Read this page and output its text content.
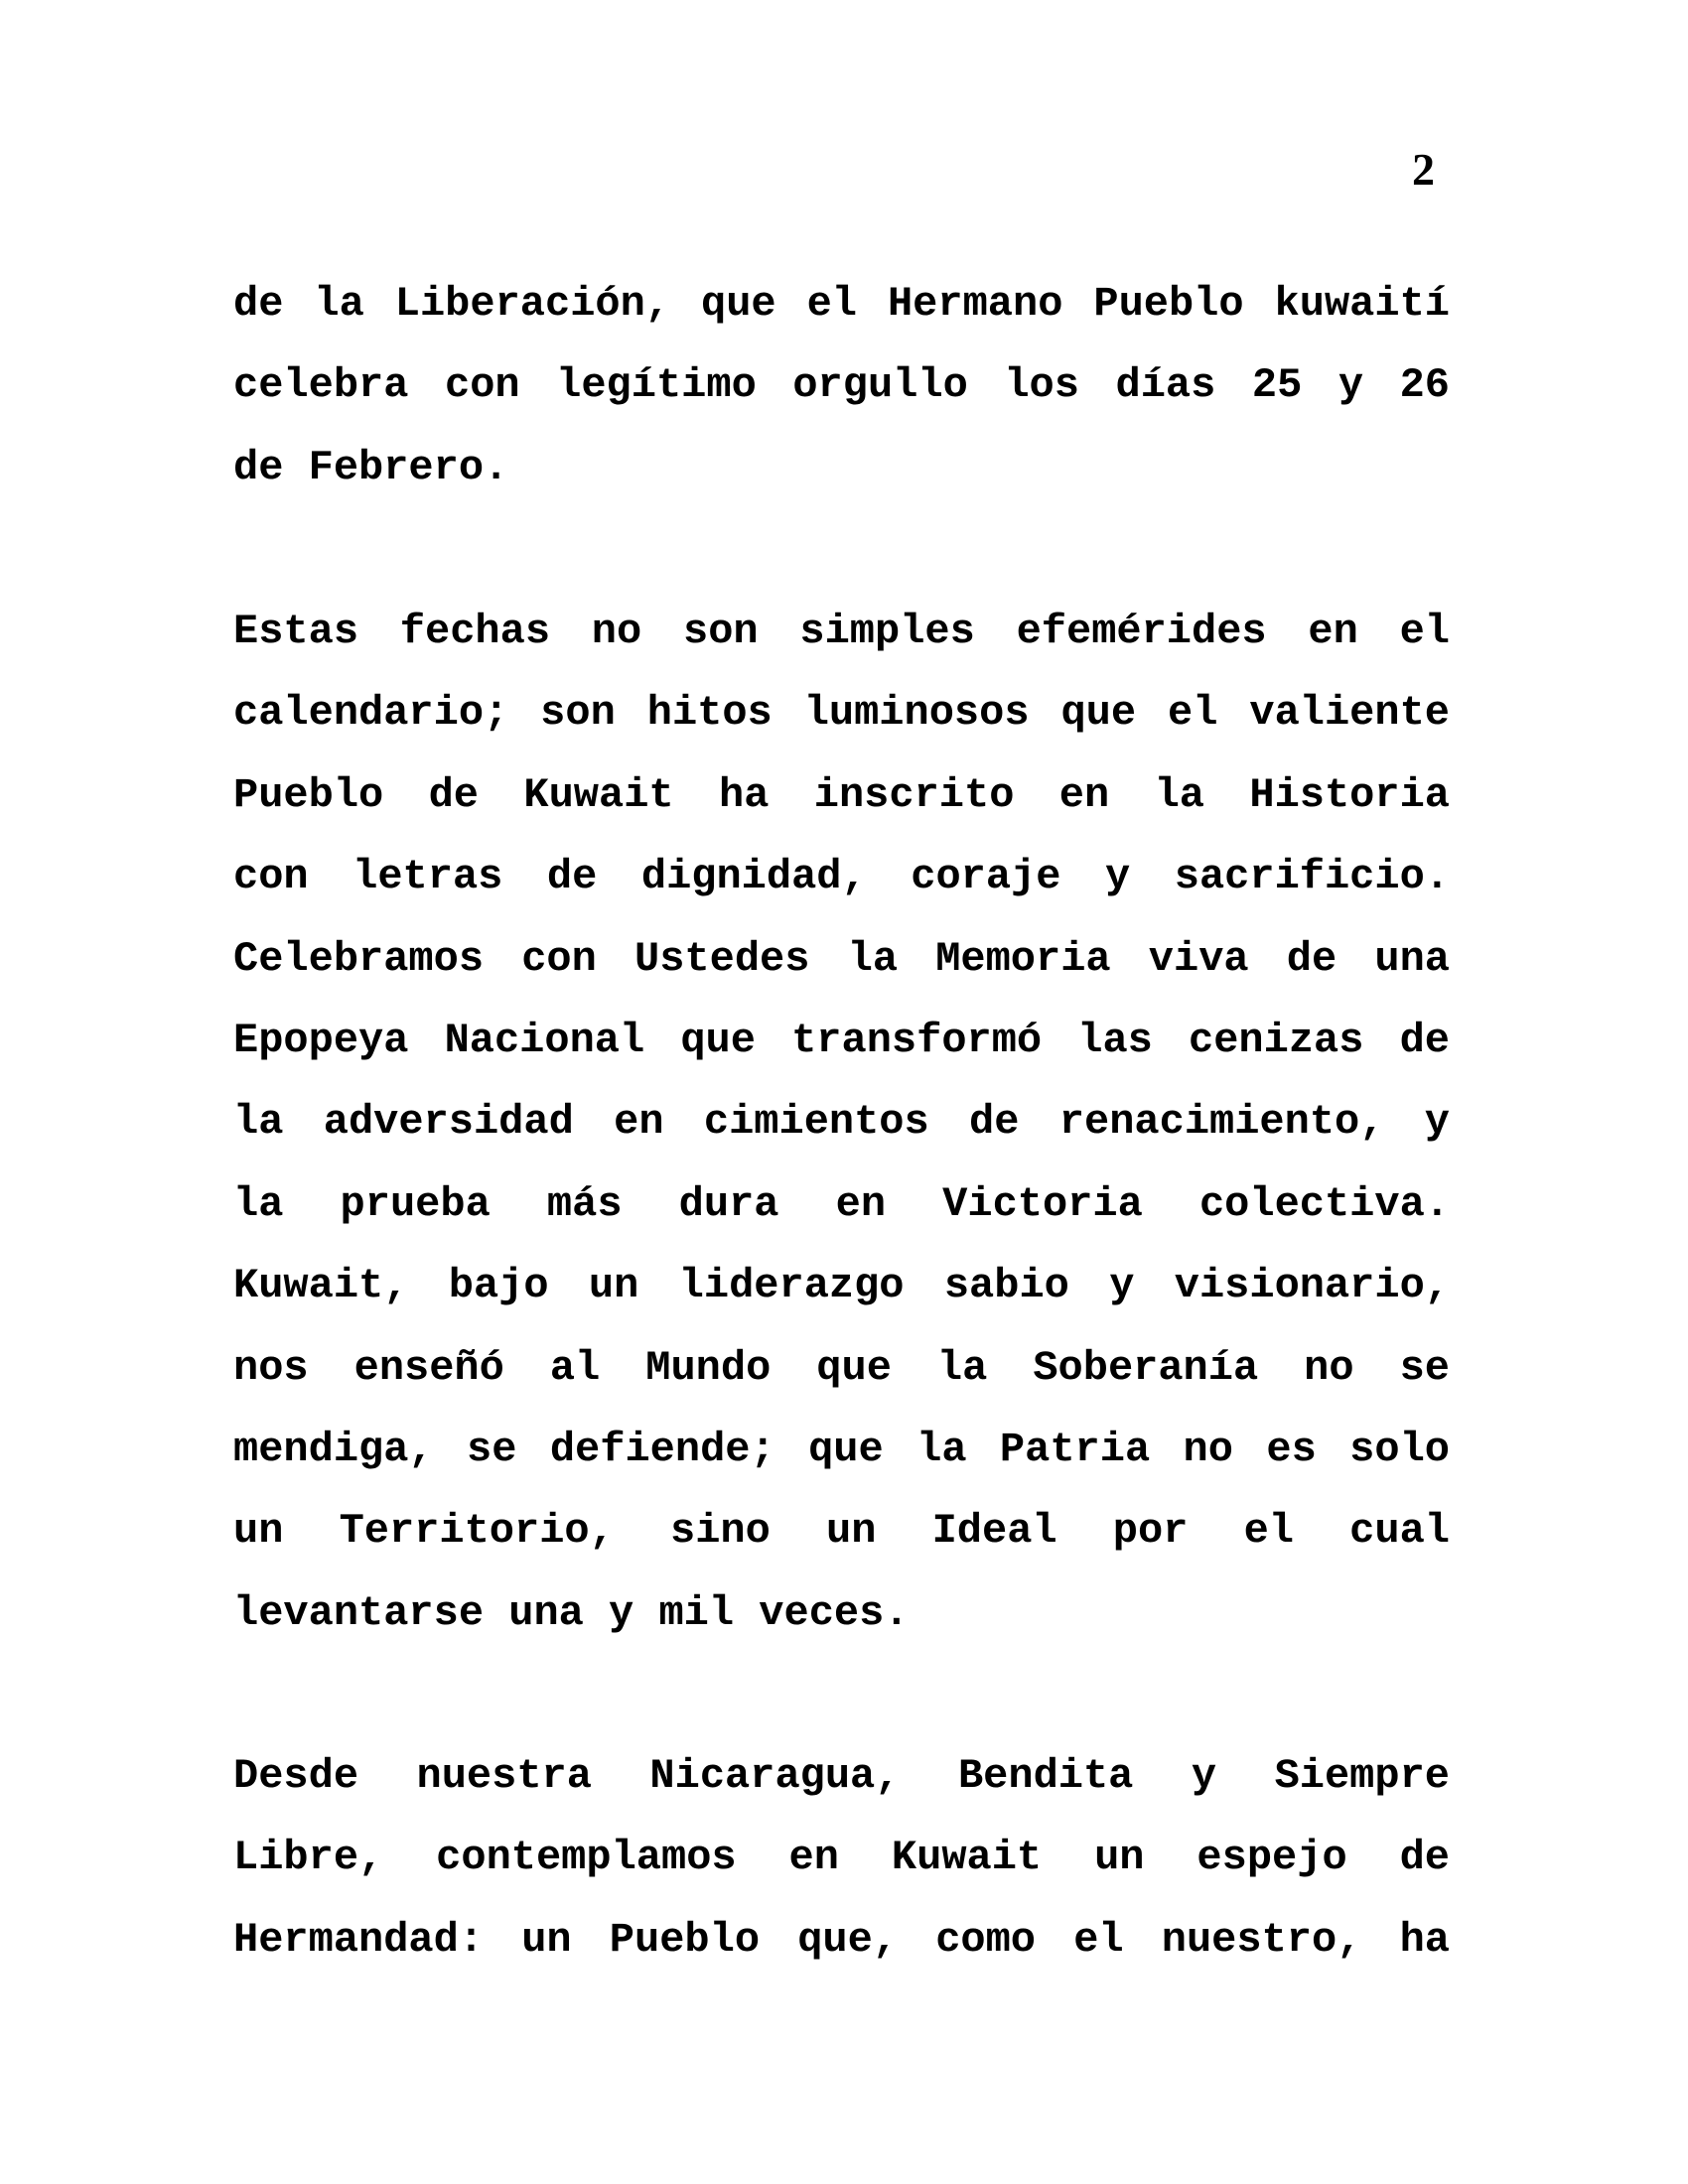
2

de la Liberación, que el Hermano Pueblo kuwaití
celebra con legítimo orgullo los días 25 y 26
de Febrero.
Estas fechas no son simples efemérides en el
calendario; son hitos luminosos que el valiente
Pueblo de Kuwait ha inscrito en la Historia
con letras de dignidad, coraje y sacrificio.
Celebramos con Ustedes la Memoria viva de una
Epopeya Nacional que transformó las cenizas de
la adversidad en cimientos de renacimiento, y
la prueba más dura en Victoria colectiva.
Kuwait, bajo un liderazgo sabio y visionario,
nos enseñó al Mundo que la Soberanía no se
mendiga, se defiende; que la Patria no es solo
un Territorio, sino un Ideal por el cual
levantarse una y mil veces.
Desde nuestra Nicaragua, Bendita y Siempre
Libre, contemplamos en Kuwait un espejo de
Hermandad: un Pueblo que, como el nuestro, ha
